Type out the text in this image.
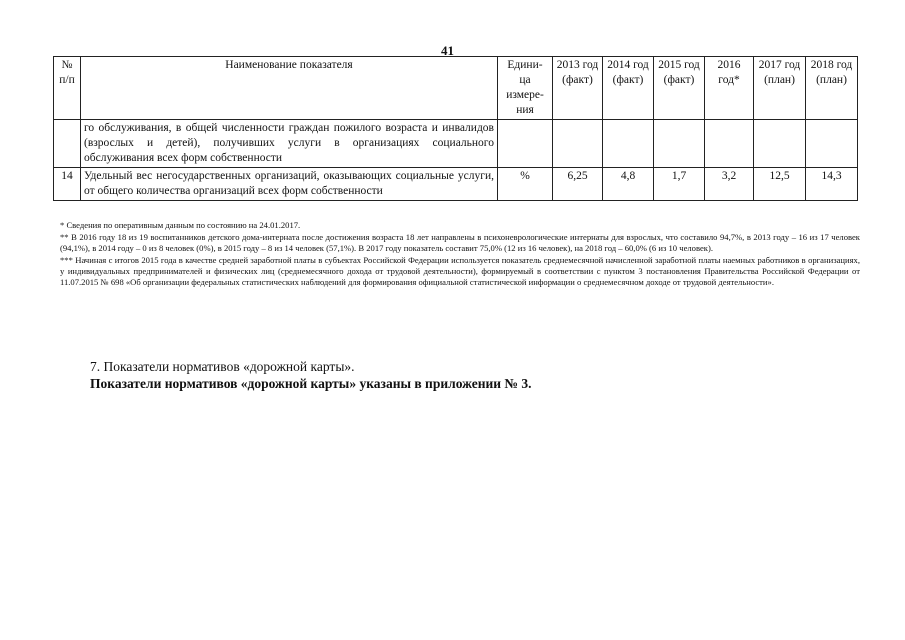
41
№ п/п	Наименование показателя	Едини- ца измере- ния	2013 год (факт)	2014 год (факт)	2015 год (факт)	2016 год*	2017 год (план)	2018 год (план)
	го обслуживания, в общей численности граждан пожилого возраста и инвалидов (взрослых и детей), получивших услуги в организациях социального обслуживания всех форм собственности							
14	Удельный вес негосударственных организаций, оказывающих социальные услуги, от общего количества организаций всех форм собственности	%	6,25	4,8	1,7	3,2	12,5	14,3

* Сведения по оперативным данным по состоянию на 24.01.2017.

** В 2016 году 18 из 19 воспитанников детского дома-интерната после достижения возраста 18 лет направлены в психоневрологические интернаты для взрослых, что составило 94,7%, в 2013 году – 16 из 17 человек (94,1%), в 2014 году – 0 из 8 человек (0%), в 2015 году – 8 из 14 человек (57,1%). В 2017 году показатель составит 75,0% (12 из 16 человек), на 2018 год – 60,0% (6 из 10 человек).

*** Начиная с итогов 2015 года в качестве средней заработной платы в субъектах Российской Федерации используется показатель среднемесячной начисленной заработной платы наемных работников в организациях, у индивидуальных предпринимателей и физических лиц (среднемесячного дохода от трудовой деятельности), формируемый в соответствии с пунктом 3 постановления Правительства Российской Федерации от 11.07.2015 № 698 «Об организации федеральных статистических наблюдений для формирования официальной статистической информации о среднемесячном доходе от трудовой деятельности».

7. Показатели нормативов «дорожной карты».
Показатели нормативов «дорожной карты» указаны в приложении № 3.
